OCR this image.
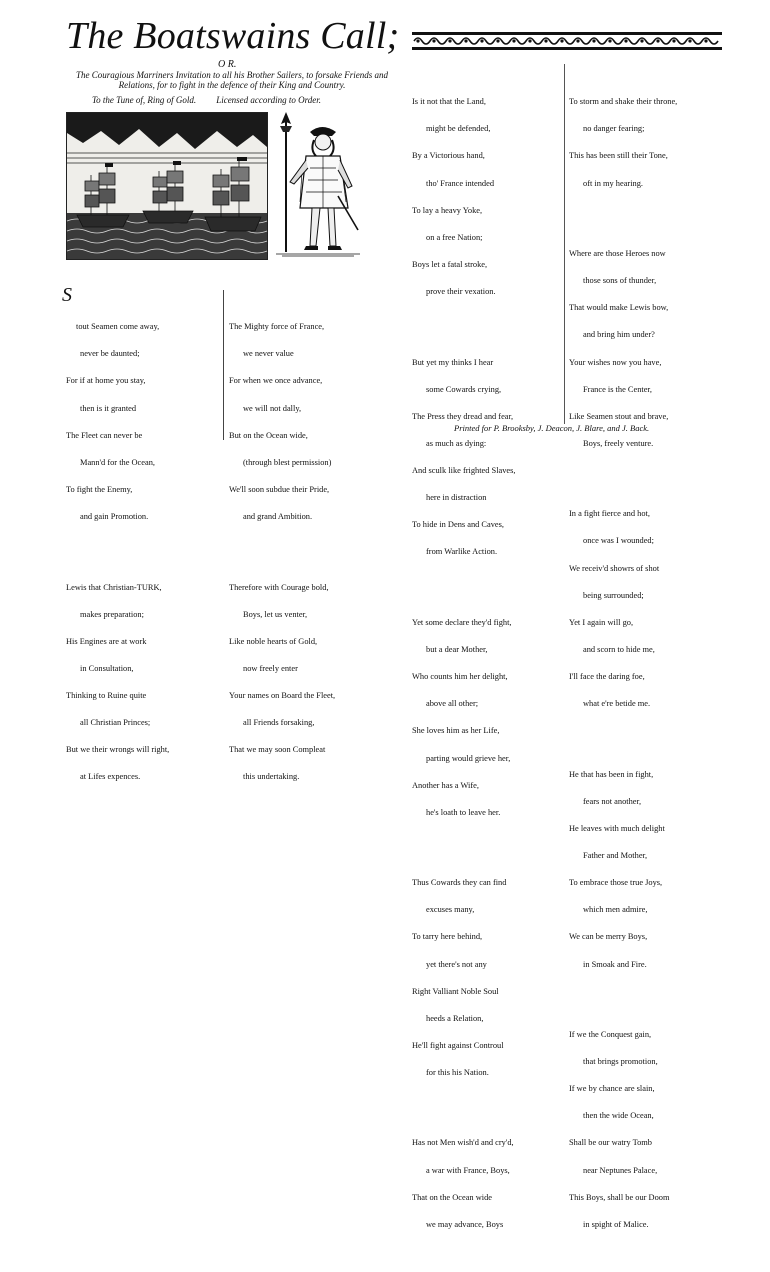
The Boatswains Call;
O R.
The Couragious Marriners Invitation to all his Brother Sailers, to forsake Friends and Relations, for to fight in the defence of their King and Country.
To the Tune of, Ring of Gold. Licensed according to Order.
S

tout Seamen come away,

never be daunted;

For if at home you stay,

then is it granted

The Fleet can never be

Mann'd for the Ocean,

To fight the Enemy,

and gain Promotion.

Lewis that Christian-TURK,

makes preparation;

His Engines are at work

in Consultation,

Thinking to Ruine quite

all Christian Princes;

But we their wrongs will right,

at Lifes expences.

The Mighty force of France,

we never value

For when we once advance,

we will not dally,

But on the Ocean wide,

(through blest permission)

We'll soon subdue their Pride,

and grand Ambition.

Therefore with Courage bold,

Boys, let us venter,

Like noble hearts of Gold,

now freely enter

Your names on Board the Fleet,

all Friends forsaking,

That we may soon Compleat

this undertaking.

Is it not that the Land,

might be defended,

By a Victorious hand,

tho' France intended

To lay a heavy Yoke,

on a free Nation;

Boys let a fatal stroke,

prove their vexation.

But yet my thinks I hear

some Cowards crying,

The Press they dread and fear,

as much as dying:

And sculk like frighted Slaves,

here in distraction

To hide in Dens and Caves,

from Warlike Action.

Yet some declare they'd fight,

but a dear Mother,

Who counts him her delight,

above all other;

She loves him as her Life,

parting would grieve her,

Another has a Wife,

he's loath to leave her.

Thus Cowards they can find

excuses many,

To tarry here behind,

yet there's not any

Right Valliant Noble Soul

heeds a Relation,

He'll fight against Controul

for this his Nation.

Has not Men wish'd and cry'd,

a war with France, Boys,

That on the Ocean wide

we may advance, Boys

To storm and shake their throne,

no danger fearing;

This has been still their Tone,

oft in my hearing.

Where are those Heroes now

those sons of thunder,

That would make Lewis bow,

and bring him under?

Your wishes now you have,

France is the Center,

Like Seamen stout and brave,

Boys, freely venture.

In a fight fierce and hot,

once was I wounded;

We receiv'd showrs of shot

being surrounded;

Yet I again will go,

and scorn to hide me,

I'll face the daring foe,

what e're betide me.

He that has been in fight,

fears not another,

He leaves with much delight

Father and Mother,

To embrace those true Joys,

which men admire,

We can be merry Boys,

in Smoak and Fire.

If we the Conquest gain,

that brings promotion,

If we by chance are slain,

then the wide Ocean,

Shall be our watry Tomb

near Neptunes Palace,

This Boys, shall be our Doom

in spight of Malice.

Printed for P. Brooksby, J. Deacon, J. Blare, and J. Back.
